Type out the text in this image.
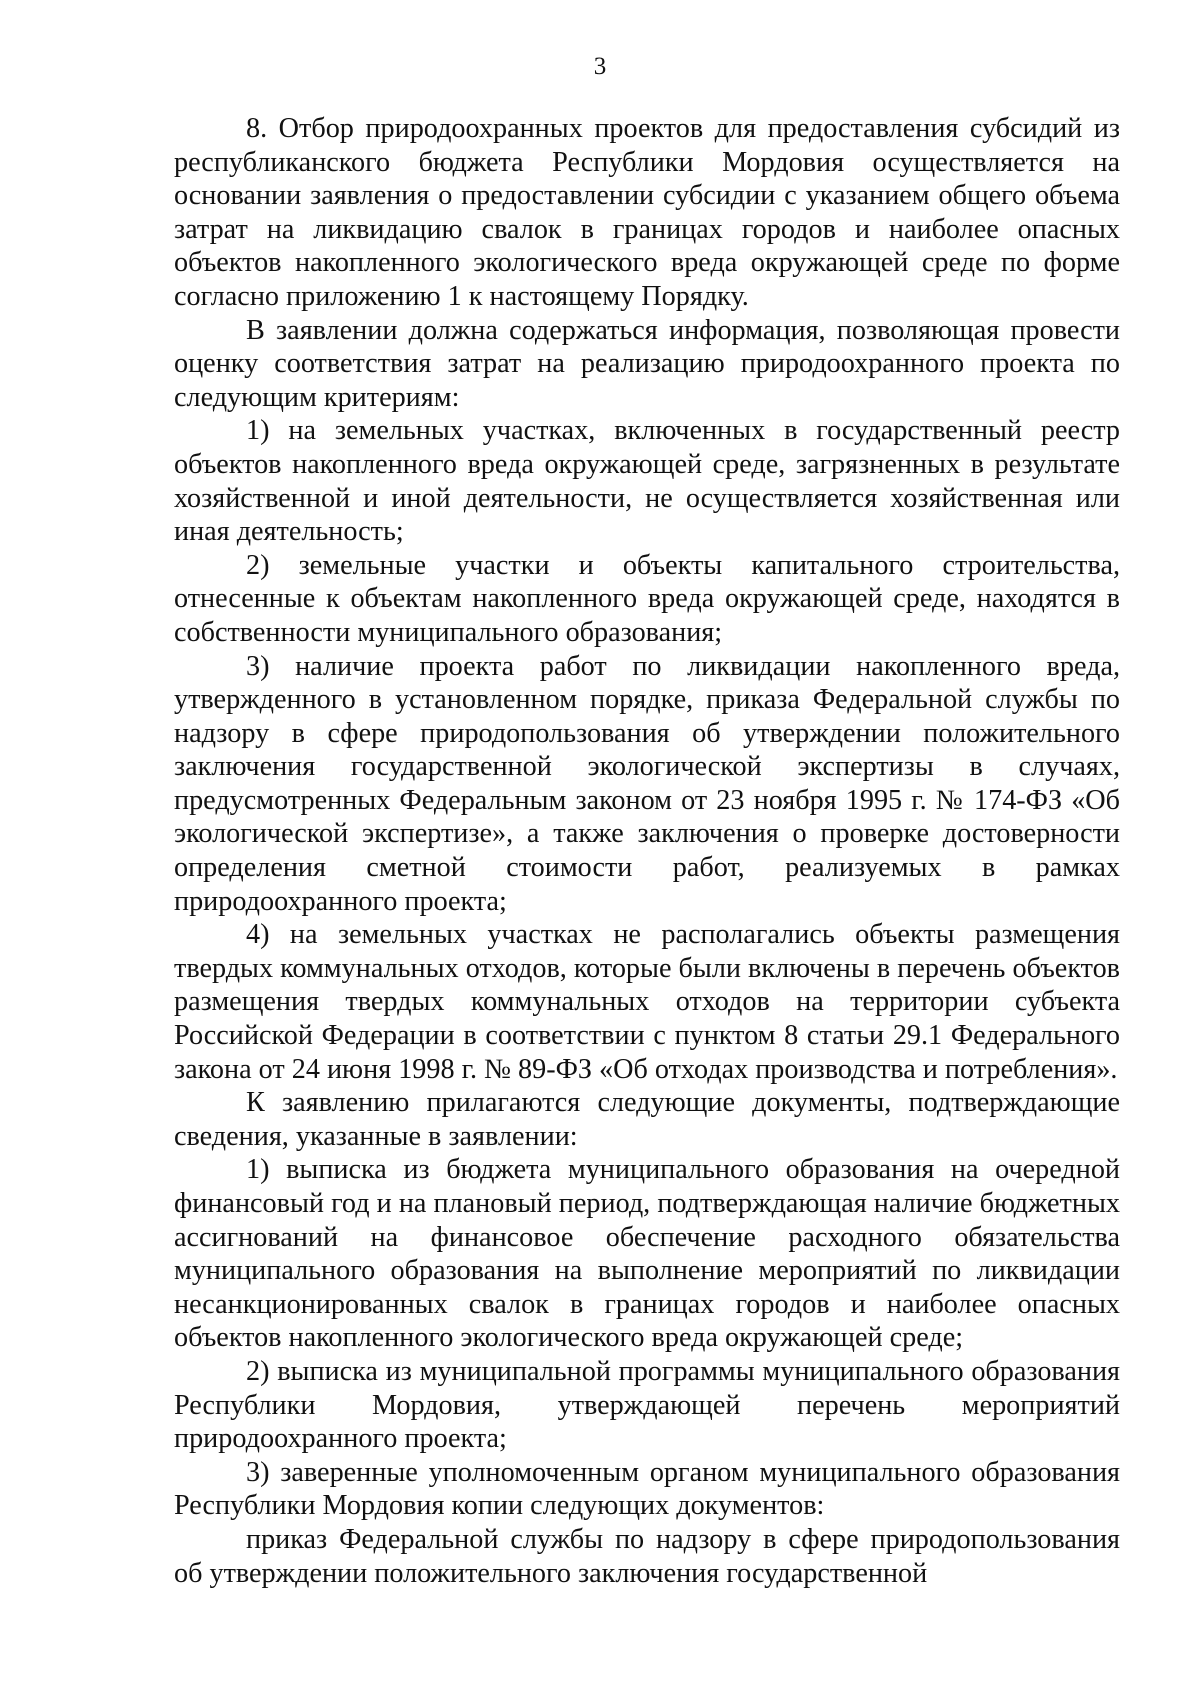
3

8. Отбор природоохранных проектов для предоставления субсидий из республиканского бюджета Республики Мордовия осуществляется на основании заявления о предоставлении субсидии с указанием общего объема затрат на ликвидацию свалок в границах городов и наиболее опасных объектов накопленного экологического вреда окружающей среде по форме согласно приложению 1 к настоящему Порядку.

В заявлении должна содержаться информация, позволяющая провести оценку соответствия затрат на реализацию природоохранного проекта по следующим критериям:

1) на земельных участках, включенных в государственный реестр объектов накопленного вреда окружающей среде, загрязненных в результате хозяйственной и иной деятельности, не осуществляется хозяйственная или иная деятельность;

2) земельные участки и объекты капитального строительства, отнесенные к объектам накопленного вреда окружающей среде, находятся в собственности муниципального образования;

3) наличие проекта работ по ликвидации накопленного вреда, утвержденного в установленном порядке, приказа Федеральной службы по надзору в сфере природопользования об утверждении положительного заключения государственной экологической экспертизы в случаях, предусмотренных Федеральным законом от 23 ноября 1995 г. № 174-ФЗ «Об экологической экспертизе», а также заключения о проверке достоверности определения сметной стоимости работ, реализуемых в рамках природоохранного проекта;

4) на земельных участках не располагались объекты размещения твердых коммунальных отходов, которые были включены в перечень объектов размещения твердых коммунальных отходов на территории субъекта Российской Федерации в соответствии с пунктом 8 статьи 29.1 Федерального закона от 24 июня 1998 г. № 89-ФЗ «Об отходах производства и потребления».

К заявлению прилагаются следующие документы, подтверждающие сведения, указанные в заявлении:

1) выписка из бюджета муниципального образования на очередной финансовый год и на плановый период, подтверждающая наличие бюджетных ассигнований на финансовое обеспечение расходного обязательства муниципального образования на выполнение мероприятий по ликвидации несанкционированных свалок в границах городов и наиболее опасных объектов накопленного экологического вреда окружающей среде;

2) выписка из муниципальной программы муниципального образования Республики Мордовия, утверждающей перечень мероприятий природоохранного проекта;

3) заверенные уполномоченным органом муниципального образования Республики Мордовия копии следующих документов:

приказ Федеральной службы по надзору в сфере природопользования об утверждении положительного заключения государственной
